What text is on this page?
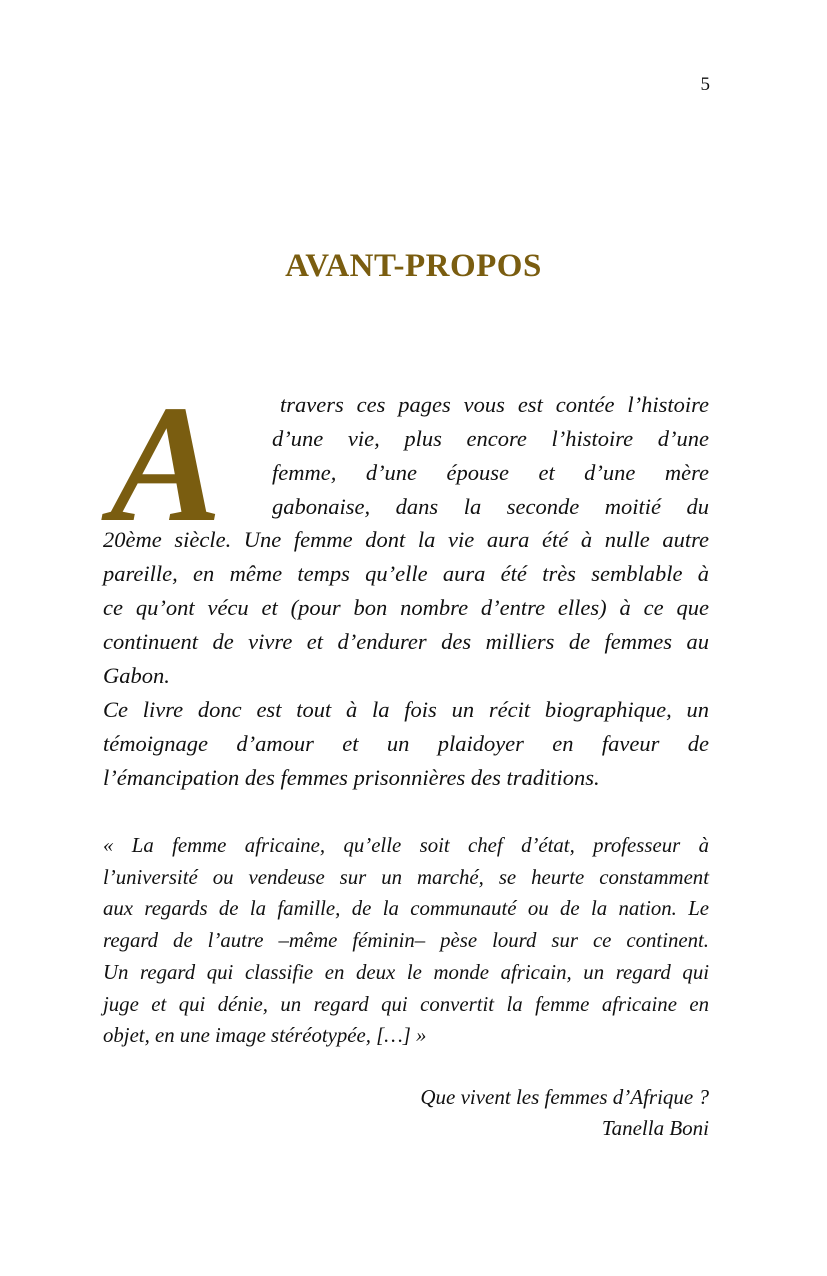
5
AVANT-PROPOS
A	travers ces pages vous est contée l’histoire
d’une vie, plus encore l’histoire d’une
femme, d’une épouse et d’une mère
gabonaise, dans la seconde moitié du
20ème siècle. Une femme dont la vie aura été à nulle autre
pareille, en même temps qu’elle aura été très semblable à
ce qu’ont vécu et (pour bon nombre d’entre elles) à ce que
continuent de vivre et d’endurer des milliers de femmes au
Gabon.
Ce livre donc est tout à la fois un récit biographique, un
témoignage d’amour et un plaidoyer en faveur de
l’émancipation des femmes prisonnières des traditions.
« La femme africaine, qu’elle soit chef d’état, professeur à
l’université ou vendeuse sur un marché, se heurte constamment
aux regards de la famille, de la communauté ou de la nation. Le
regard de l’autre –même féminin– pèse lourd sur ce continent.
Un regard qui classifie en deux le monde africain, un regard qui
juge et qui dénie, un regard qui convertit la femme africaine en
objet, en une image stéréotypée, […] »
Que vivent les femmes d’Afrique ?
Tanella Boni
